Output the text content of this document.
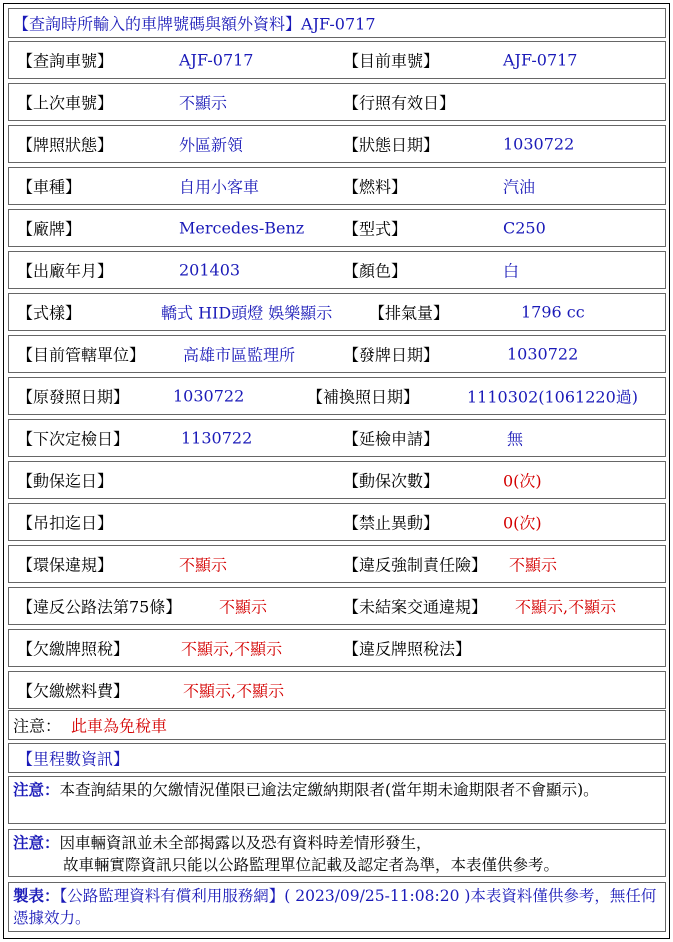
【查詢時所輸入的車牌號碼與額外資料】AJF-0717
【查詢車號】	AJF-0717	【目前車號】	AJF-0717
【上次車號】	不顯示	【行照有效日】
【牌照狀態】	外區新領	【狀態日期】	1030722
【車種】	自用小客車	【燃料】	汽油
【廠牌】	Mercedes-Benz 【型式】	C250
【出廠年月】	201403	【顏色】	白
【式樣】	轎式 HID頭燈 娛樂顯示 【排氣量】	1796 cc
【目前管轄單位】 高雄市區監理所	【發牌日期】	1030722
【原發照日期】	1030722	【補換照日期】	1110302(1061220過)
【下次定檢日】	1130722	【延檢申請】	無
【動保迄日】	【動保次數】	0(次)
【吊扣迄日】	【禁止異動】	0(次)
【環保違規】	不顯示	【違反強制責任險】 不顯示
【違反公路法第75條】 不顯示	【未結案交通違規】 不顯示,不顯示
【欠繳牌照稅】	不顯示,不顯示	【違反牌照稅法】
【欠繳燃料費】	不顯示,不顯示
注意： 此車為免稅車
【里程數資訊】
注意：本查詢結果的欠繳情況僅限已逾法定繳納期限者(當年期未逾期限者不會顯示)。
注意：因車輛資訊並未全部揭露以及恐有資料時差情形發生，
故車輛實際資訊只能以公路監理單位記載及認定者為準，本表僅供參考。
製表：【公路監理資料有償利用服務網】( 2023/09/25-11:08:20 )本表資料僅供參考，無任何憑據效力。
